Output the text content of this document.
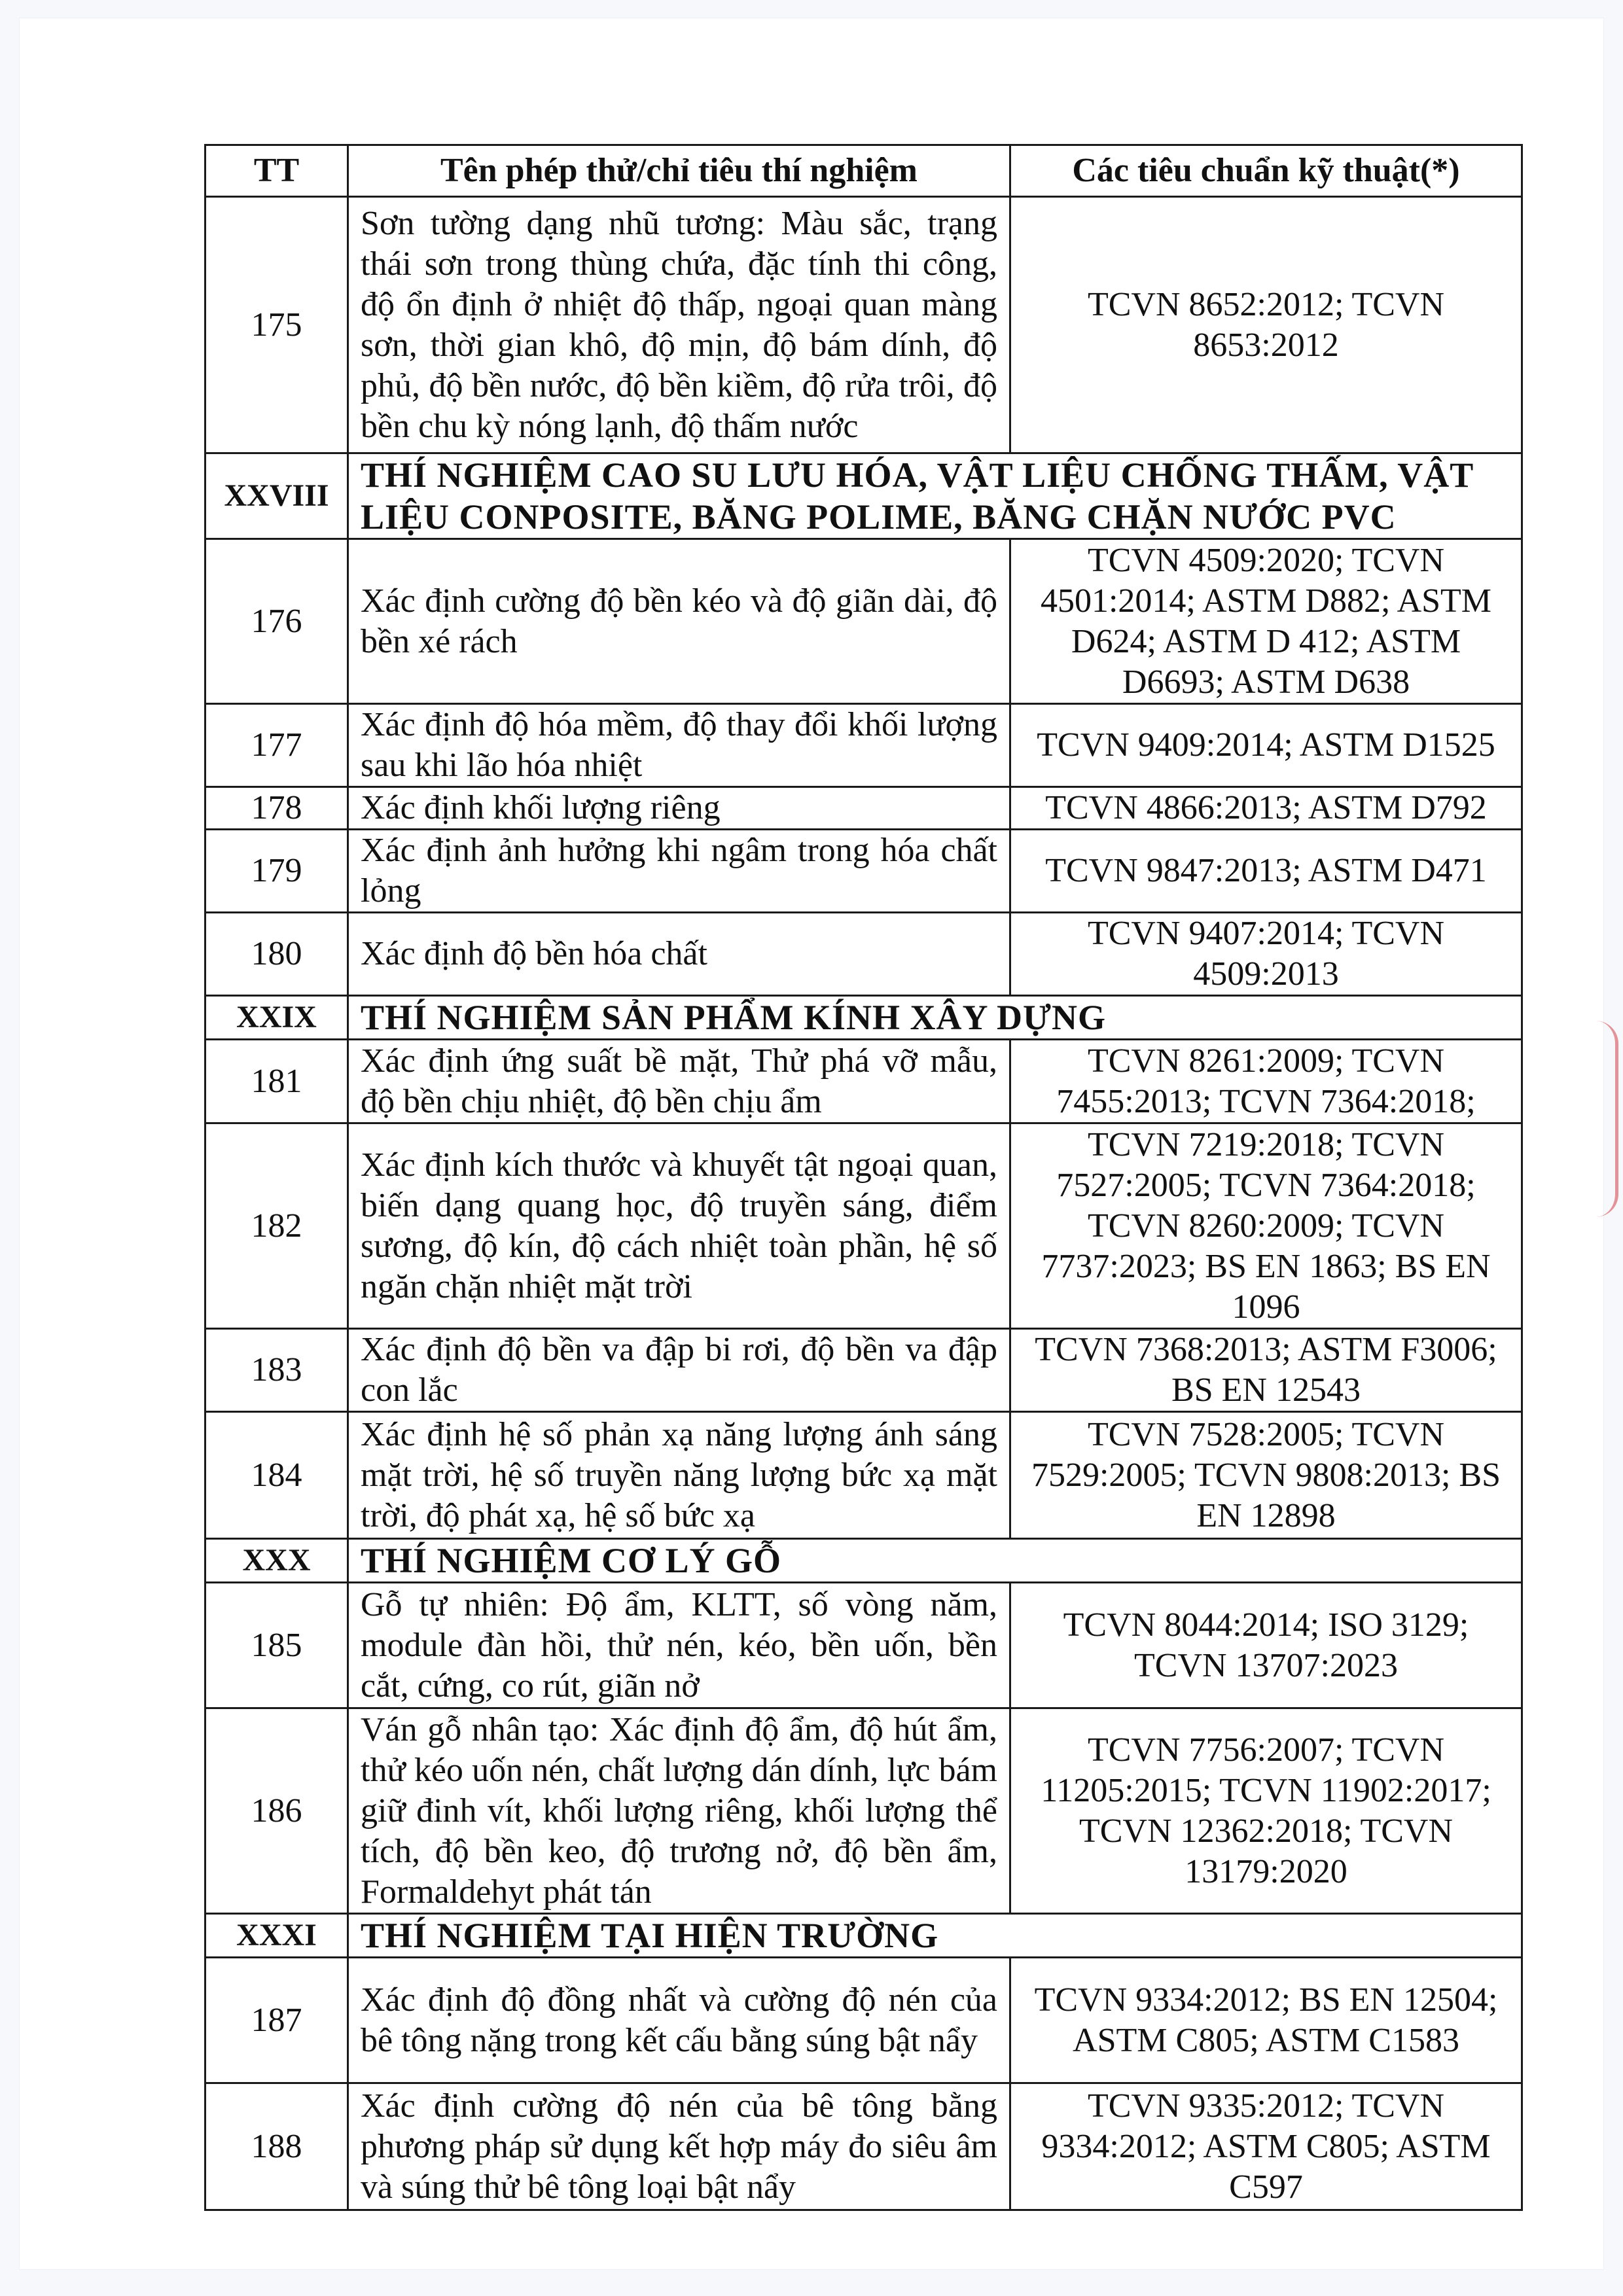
TT	Tên phép thử/chỉ tiêu thí nghiệm	Các tiêu chuẩn kỹ thuật(*)
175	Sơn tường dạng nhũ tương: Màu sắc, trạng thái sơn trong thùng chứa, đặc tính thi công, độ ổn định ở nhiệt độ thấp, ngoại quan màng sơn, thời gian khô, độ mịn, độ bám dính, độ phủ, độ bền nước, độ bền kiềm, độ rửa trôi, độ bền chu kỳ nóng lạnh, độ thấm nước	TCVN 8652:2012; TCVN 8653:2012
XXVIII	THÍ NGHIỆM CAO SU LƯU HÓA, VẬT LIỆU CHỐNG THẤM, VẬT LIỆU CONPOSITE, BĂNG POLIME, BĂNG CHẶN NƯỚC PVC	
176	Xác định cường độ bền kéo và độ giãn dài, độ bền xé rách	TCVN 4509:2020; TCVN 4501:2014; ASTM D882; ASTM D624; ASTM D 412; ASTM D6693; ASTM D638
177	Xác định độ hóa mềm, độ thay đổi khối lượng sau khi lão hóa nhiệt	TCVN 9409:2014; ASTM D1525
178	Xác định khối lượng riêng	TCVN 4866:2013; ASTM D792
179	Xác định ảnh hưởng khi ngâm trong hóa chất lỏng	TCVN 9847:2013; ASTM D471
180	Xác định độ bền hóa chất	TCVN 9407:2014; TCVN 4509:2013
XXIX	THÍ NGHIỆM SẢN PHẨM KÍNH XÂY DỰNG	
181	Xác định ứng suất bề mặt, Thử phá vỡ mẫu, độ bền chịu nhiệt, độ bền chịu ẩm	TCVN 8261:2009; TCVN 7455:2013; TCVN 7364:2018;
182	Xác định kích thước và khuyết tật ngoại quan, biến dạng quang học, độ truyền sáng, điểm sương, độ kín, độ cách nhiệt toàn phần, hệ số ngăn chặn nhiệt mặt trời	TCVN 7219:2018; TCVN 7527:2005; TCVN 7364:2018; TCVN 8260:2009; TCVN 7737:2023; BS EN 1863; BS EN 1096
183	Xác định độ bền va đập bi rơi, độ bền va đập con lắc	TCVN 7368:2013; ASTM F3006; BS EN 12543
184	Xác định hệ số phản xạ năng lượng ánh sáng mặt trời, hệ số truyền năng lượng bức xạ mặt trời, độ phát xạ, hệ số bức xạ	TCVN 7528:2005; TCVN 7529:2005; TCVN 9808:2013; BS EN 12898
XXX	THÍ NGHIỆM CƠ LÝ GỖ	
185	Gỗ tự nhiên: Độ ẩm, KLTT, số vòng năm, module đàn hồi, thử nén, kéo, bền uốn, bền cắt, cứng, co rút, giãn nở	TCVN 8044:2014; ISO 3129; TCVN 13707:2023
186	Ván gỗ nhân tạo: Xác định độ ẩm, độ hút ẩm, thử kéo uốn nén, chất lượng dán dính, lực bám giữ đinh vít, khối lượng riêng, khối lượng thể tích, độ bền keo, độ trương nở, độ bền ẩm, Formaldehyt phát tán	TCVN 7756:2007; TCVN 11205:2015; TCVN 11902:2017; TCVN 12362:2018; TCVN 13179:2020
XXXI	THÍ NGHIỆM TẠI HIỆN TRƯỜNG	
187	Xác định độ đồng nhất và cường độ nén của bê tông nặng trong kết cấu bằng súng bật nẩy	TCVN 9334:2012; BS EN 12504; ASTM C805; ASTM C1583
188	Xác định cường độ nén của bê tông bằng phương pháp sử dụng kết hợp máy đo siêu âm và súng thử bê tông loại bật nẩy	TCVN 9335:2012; TCVN 9334:2012; ASTM C805; ASTM C597
